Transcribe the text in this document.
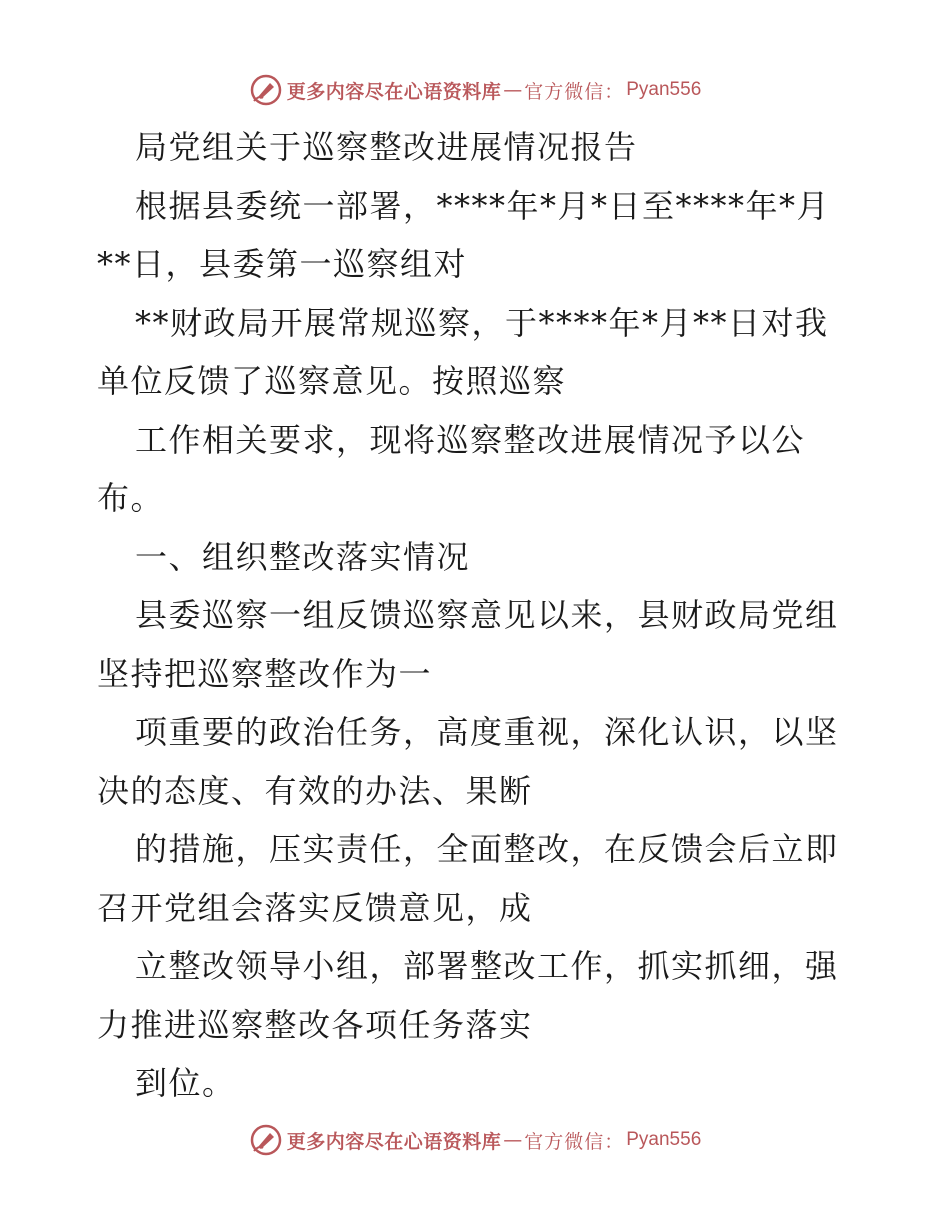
更多内容尽在心语资料库 — 官方微信： Pyan556
局党组关于巡察整改进展情况报告
根据县委统一部署，****年*月*日至****年*月
**日，县委第一巡察组对
**财政局开展常规巡察，于****年*月**日对我
单位反馈了巡察意见。按照巡察
工作相关要求，现将巡察整改进展情况予以公
布。
一、组织整改落实情况
县委巡察一组反馈巡察意见以来，县财政局党组
坚持把巡察整改作为一
项重要的政治任务，高度重视，深化认识，以坚
决的态度、有效的办法、果断
的措施，压实责任，全面整改，在反馈会后立即
召开党组会落实反馈意见，成
立整改领导小组，部署整改工作，抓实抓细，强
力推进巡察整改各项任务落实
到位。
更多内容尽在心语资料库 — 官方微信： Pyan556
